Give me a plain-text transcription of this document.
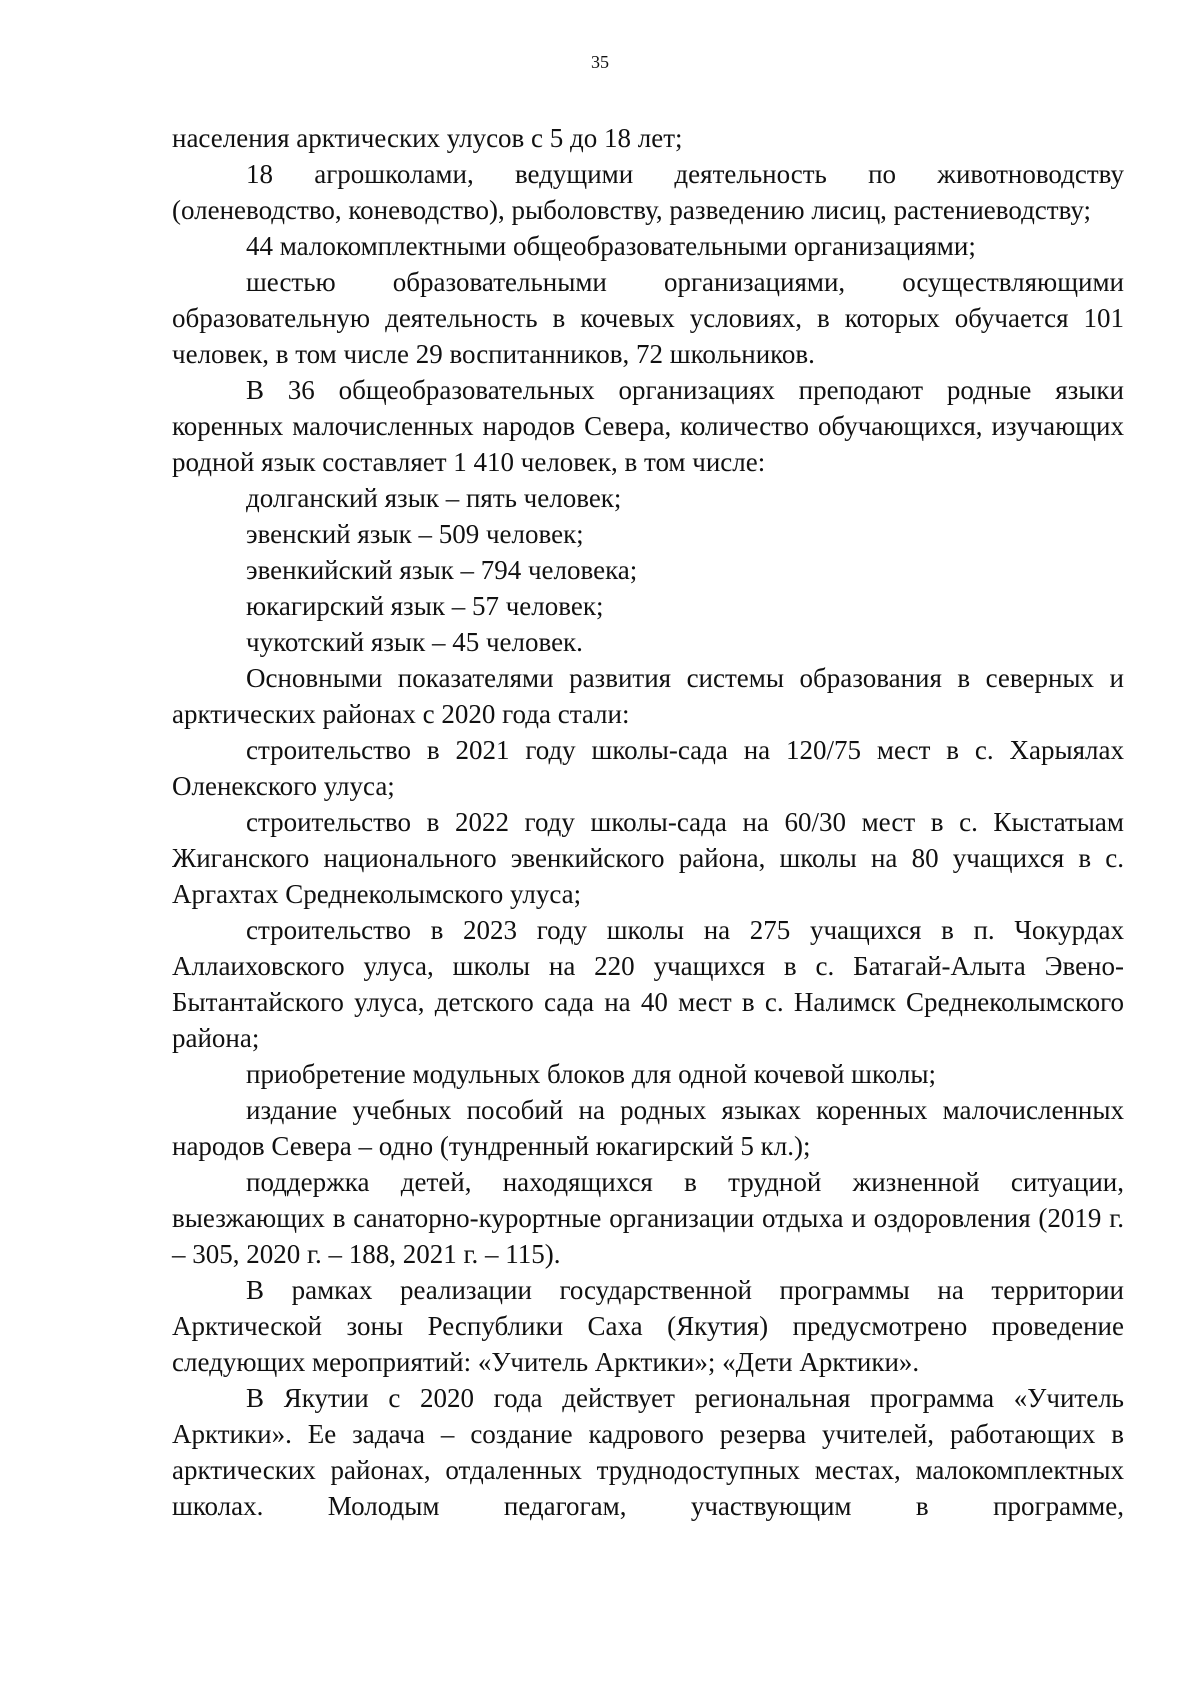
35

населения арктических улусов с 5 до 18 лет;

18 агрошколами, ведущими деятельность по животноводству (оленеводство, коневодство), рыболовству, разведению лисиц, растениеводству;

44 малокомплектными общеобразовательными организациями;

шестью образовательными организациями, осуществляющими образовательную деятельность в кочевых условиях, в которых обучается 101 человек, в том числе 29 воспитанников, 72 школьников.

В 36 общеобразовательных организациях преподают родные языки коренных малочисленных народов Севера, количество обучающихся, изучающих родной язык составляет 1 410 человек, в том числе:

долганский язык – пять человек;

эвенский язык – 509 человек;

эвенкийский язык – 794 человека;

юкагирский язык – 57 человек;

чукотский язык – 45 человек.

Основными показателями развития системы образования в северных и арктических районах с 2020 года стали:

строительство в 2021 году школы-сада на 120/75 мест в с. Харыялах Оленекского улуса;

строительство в 2022 году школы-сада на 60/30 мест в с. Кыстатыам Жиганского национального эвенкийского района, школы на 80 учащихся в с. Аргахтах Среднеколымского улуса;

строительство в 2023 году школы на 275 учащихся в п. Чокурдах Аллаиховского улуса, школы на 220 учащихся в с. Батагай-Алыта Эвено-Бытантайского улуса, детского сада на 40 мест в с. Налимск Среднеколымского района;

приобретение модульных блоков для одной кочевой школы;

издание учебных пособий на родных языках коренных малочисленных народов Севера – одно (тундренный юкагирский 5 кл.);

поддержка детей, находящихся в трудной жизненной ситуации, выезжающих в санаторно-курортные организации отдыха и оздоровления (2019 г. – 305, 2020 г. – 188, 2021 г. – 115).

В рамках реализации государственной программы на территории Арктической зоны Республики Саха (Якутия) предусмотрено проведение следующих мероприятий: «Учитель Арктики»; «Дети Арктики».

В Якутии с 2020 года действует региональная программа «Учитель Арктики». Ее задача – создание кадрового резерва учителей, работающих в арктических районах, отдаленных труднодоступных местах, малокомплектных школах. Молодым педагогам, участвующим в программе,
